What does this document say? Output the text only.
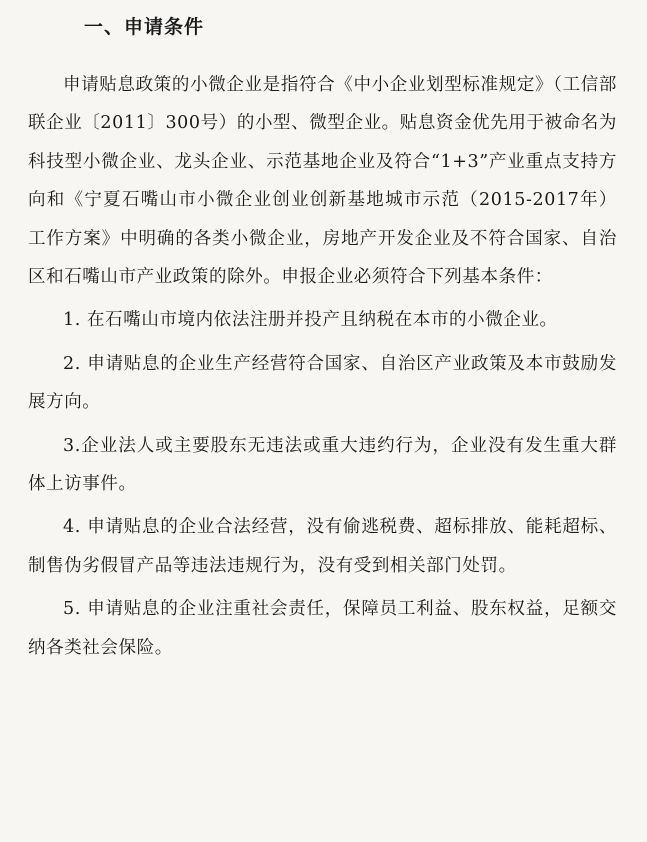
一、申请条件

申请贴息政策的小微企业是指符合《中小企业划型标准规定》（工信部联企业〔2011〕300号）的小型、微型企业。贴息资金优先用于被命名为科技型小微企业、龙头企业、示范基地企业及符合“1+3”产业重点支持方向和《宁夏石嘴山市小微企业创业创新基地城市示范（2015-2017年）工作方案》中明确的各类小微企业，房地产开发企业及不符合国家、自治区和石嘴山市产业政策的除外。申报企业必须符合下列基本条件：

1. 在石嘴山市境内依法注册并投产且纳税在本市的小微企业。

2. 申请贴息的企业生产经营符合国家、自治区产业政策及本市鼓励发展方向。

3.企业法人或主要股东无违法或重大违约行为，企业没有发生重大群体上访事件。

4. 申请贴息的企业合法经营，没有偷逃税费、超标排放、能耗超标、制售伪劣假冒产品等违法违规行为，没有受到相关部门处罚。

5. 申请贴息的企业注重社会责任，保障员工利益、股东权益，足额交纳各类社会保险。
